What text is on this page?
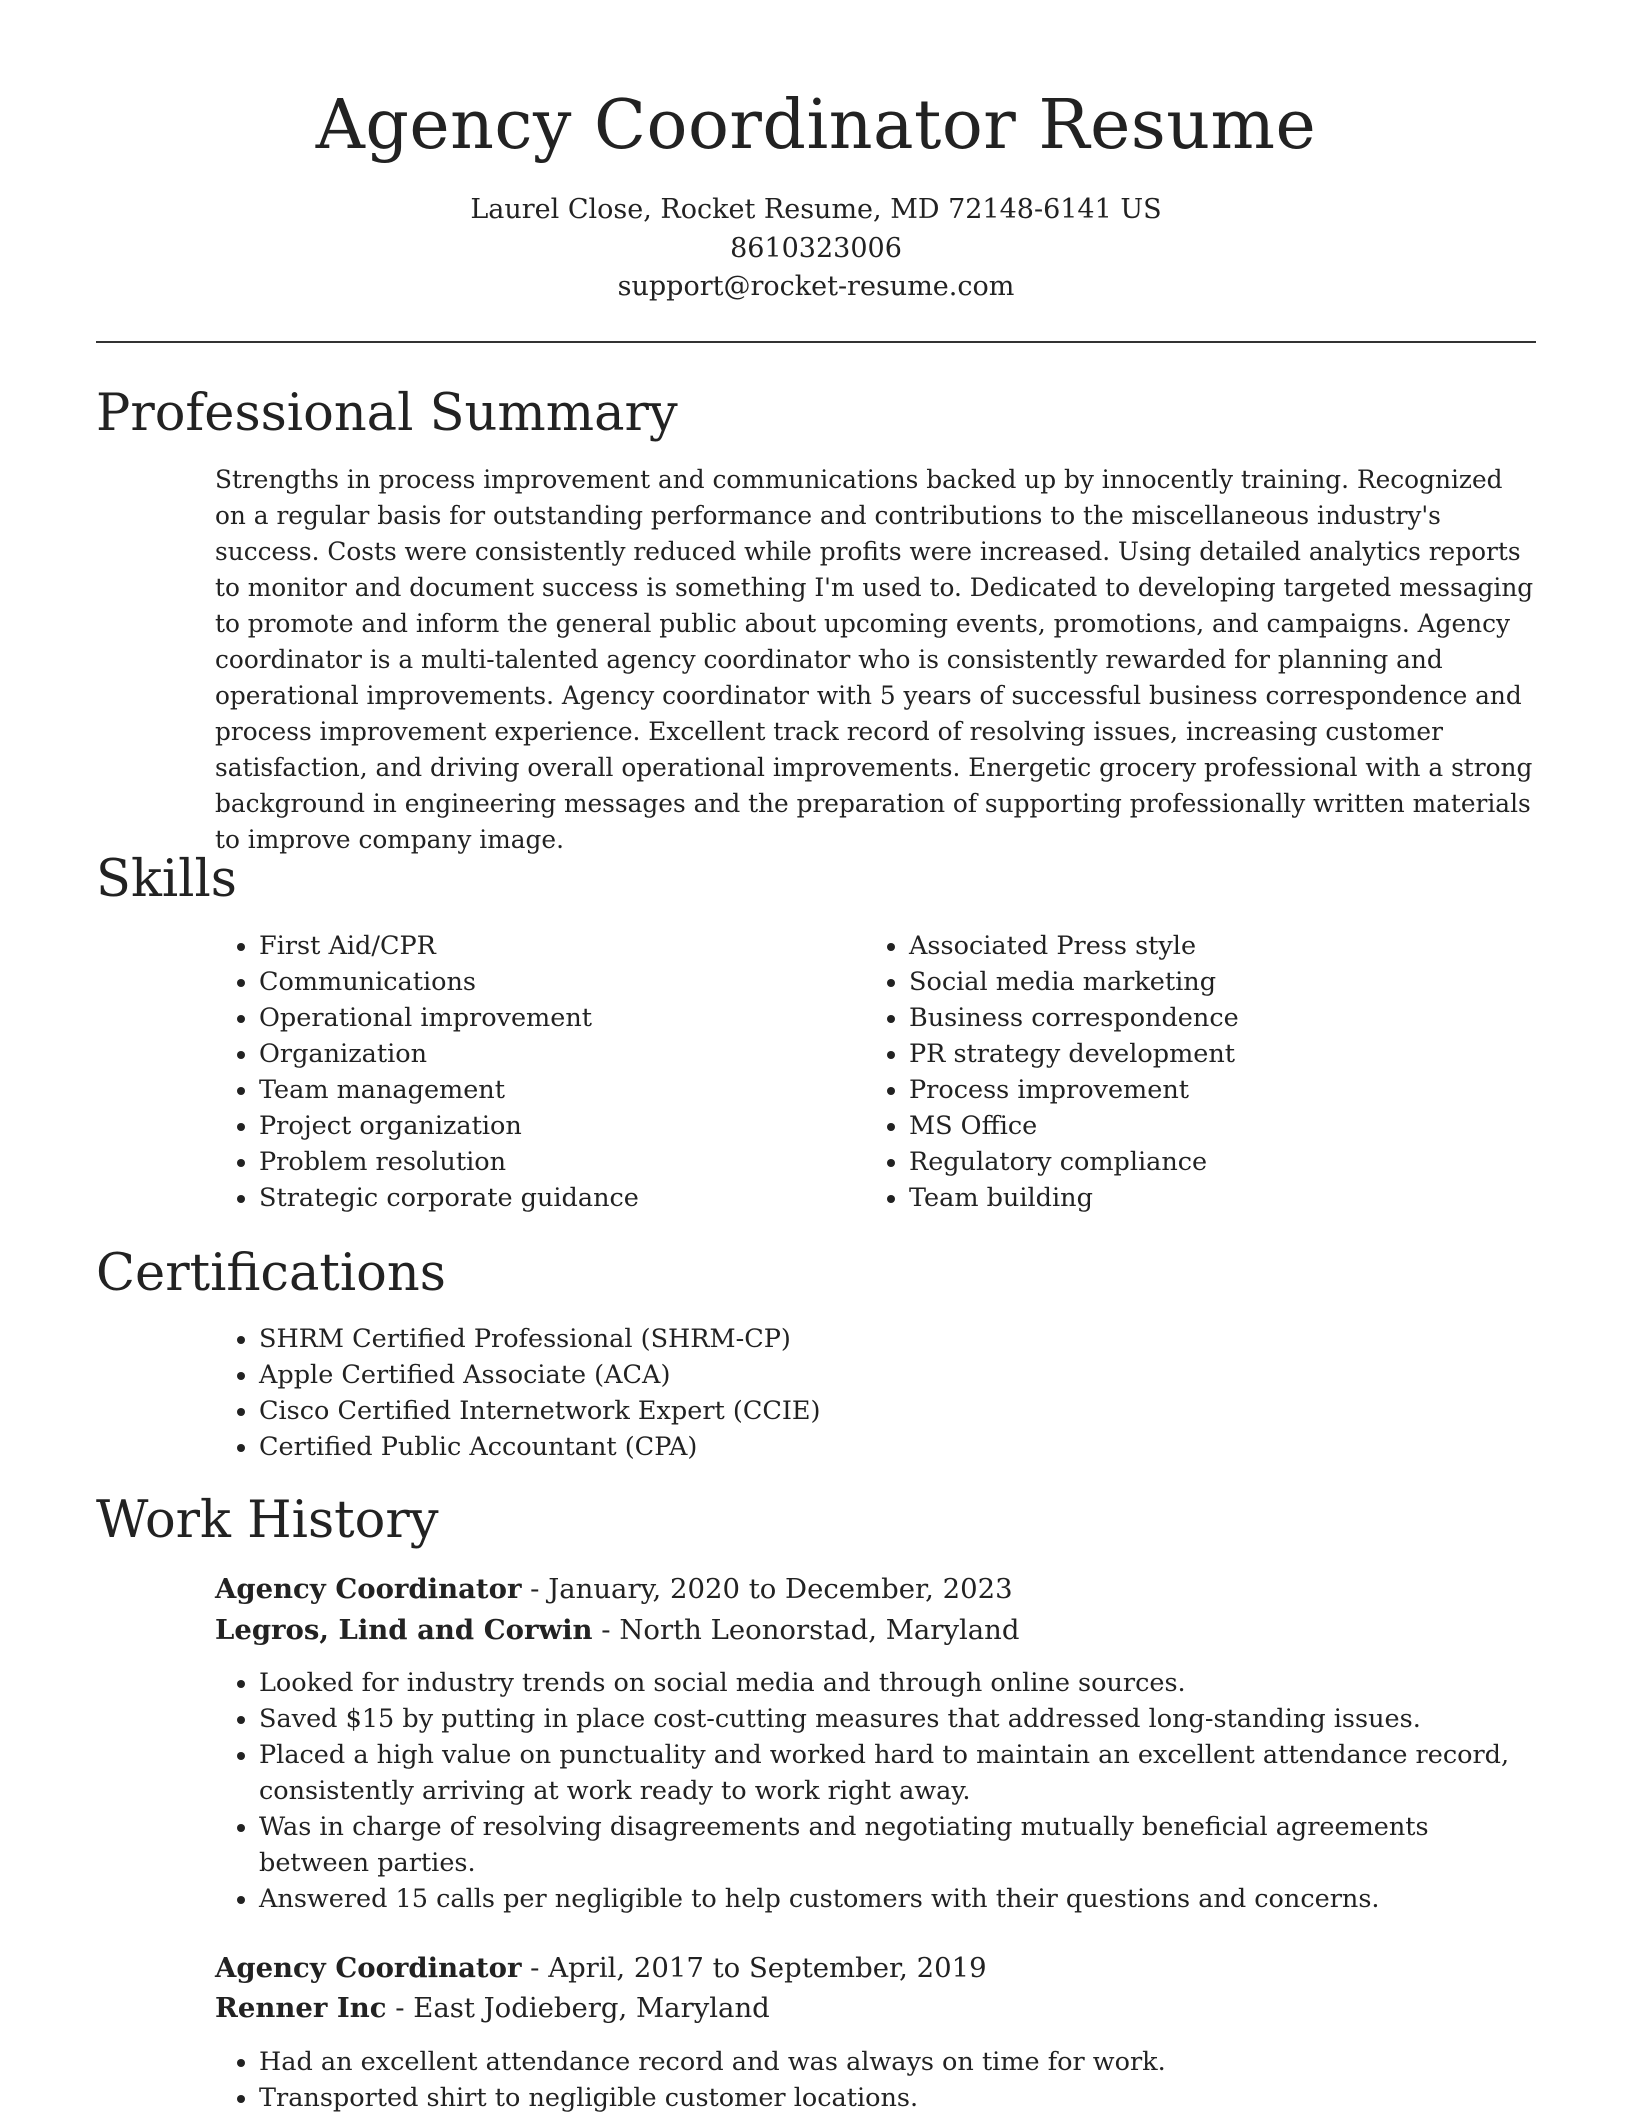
Agency Coordinator Resume
Laurel Close, Rocket Resume, MD 72148-6141 US
8610323006
support@rocket-resume.com
Professional Summary

Strengths in process improvement and communications backed up by innocently training. Recognized on a regular basis for outstanding performance and contributions to the miscellaneous industry's success. Costs were consistently reduced while profits were increased. Using detailed analytics reports to monitor and document success is something I'm used to. Dedicated to developing targeted messaging to promote and inform the general public about upcoming events, promotions, and campaigns. Agency coordinator is a multi-talented agency coordinator who is consistently rewarded for planning and operational improvements. Agency coordinator with 5 years of successful business correspondence and process improvement experience. Excellent track record of resolving issues, increasing customer satisfaction, and driving overall operational improvements. Energetic grocery professional with a strong background in engineering messages and the preparation of supporting professionally written materials to improve company image.

Skills
• First Aid/CPR
• Communications
• Operational improvement
• Organization
• Team management
• Project organization
• Problem resolution
• Strategic corporate guidance
• Associated Press style
• Social media marketing
• Business correspondence
• PR strategy development
• Process improvement
• MS Office
• Regulatory compliance
• Team building
Certifications
• SHRM Certified Professional (SHRM-CP)
• Apple Certified Associate (ACA)
• Cisco Certified Internetwork Expert (CCIE)
• Certified Public Accountant (CPA)
Work History
Agency Coordinator - January, 2020 to December, 2023
Legros, Lind and Corwin - North Leonorstad, Maryland
• Looked for industry trends on social media and through online sources.
• Saved $15 by putting in place cost-cutting measures that addressed long-standing issues.
• Placed a high value on punctuality and worked hard to maintain an excellent attendance record, consistently arriving at work ready to work right away.
• Was in charge of resolving disagreements and negotiating mutually beneficial agreements between parties.
• Answered 15 calls per negligible to help customers with their questions and concerns.
Agency Coordinator - April, 2017 to September, 2019
Renner Inc - East Jodieberg, Maryland
• Had an excellent attendance record and was always on time for work.
• Transported shirt to negligible customer locations.
